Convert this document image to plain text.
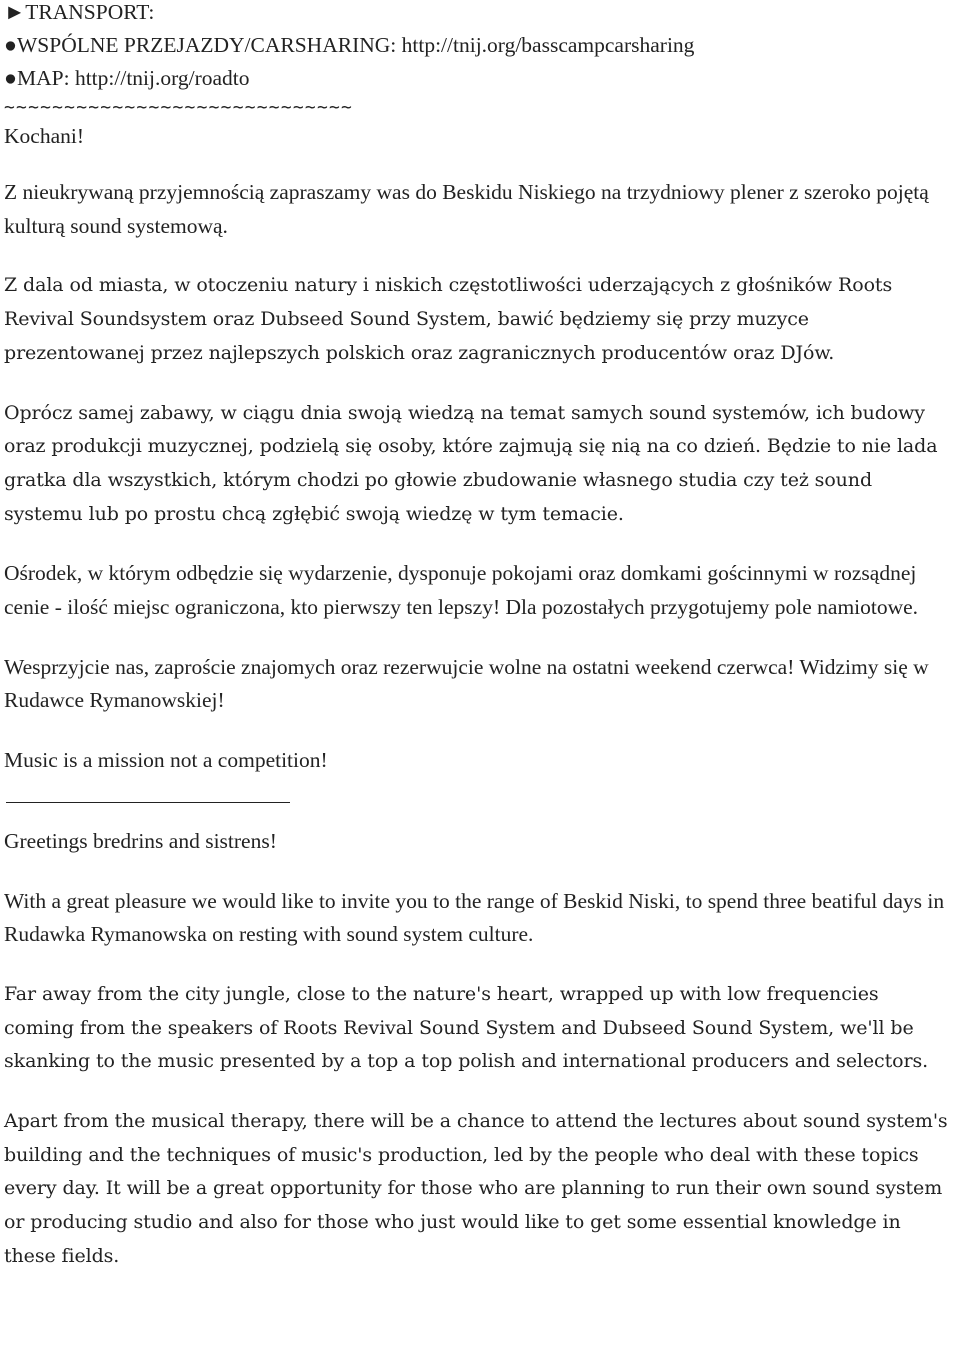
►TRANSPORT:

●WSPÓLNE PRZEJAZDY/CARSHARING: http://tnij.org/basscampcarsharing

●MAP: http://tnij.org/roadto

~~~~~~~~~~~~~~~~~~~~~~~~~~~~~

Kochani!

Z nieukrywaną przyjemnością zapraszamy was do Beskidu Niskiego na trzydniowy plener z szeroko pojętą kulturą sound systemową.

Z dala od miasta, w otoczeniu natury i niskich częstotliwości uderzających z głośników Roots Revival Soundsystem oraz Dubseed Sound System, bawić będziemy się przy muzyce prezentowanej przez najlepszych polskich oraz zagranicznych producentów oraz DJów.

Oprócz samej zabawy, w ciągu dnia swoją wiedzą na temat samych sound systemów, ich budowy oraz produkcji muzycznej, podzielą się osoby, które zajmują się nią na co dzień. Będzie to nie lada gratka dla wszystkich, którym chodzi po głowie zbudowanie własnego studia czy też sound systemu lub po prostu chcą zgłębić swoją wiedzę w tym temacie.

Ośrodek, w którym odbędzie się wydarzenie, dysponuje pokojami oraz domkami gościnnymi w rozsądnej cenie - ilość miejsc ograniczona, kto pierwszy ten lepszy! Dla pozostałych przygotujemy pole namiotowe.

Wesprzyjcie nas, zaproście znajomych oraz rezerwujcie wolne na ostatni weekend czerwca! Widzimy się w Rudawce Rymanowskiej!

Music is a mission not a competition!

Greetings bredrins and sistrens!

With a great pleasure we would like to invite you to the range of Beskid Niski, to spend three beatiful days in Rudawka Rymanowska on resting with sound system culture.

Far away from the city jungle, close to the nature's heart, wrapped up with low frequencies coming from the speakers of Roots Revival Sound System and Dubseed Sound System, we'll be skanking to the music presented by a top a top polish and international producers and selectors.

Apart from the musical therapy, there will be a chance to attend the lectures about sound system's building and the techniques of music's production, led by the people who deal with these topics every day. It will be a great opportunity for those who are planning to run their own sound system or producing studio and also for those who just would like to get some essential knowledge in these fields.
